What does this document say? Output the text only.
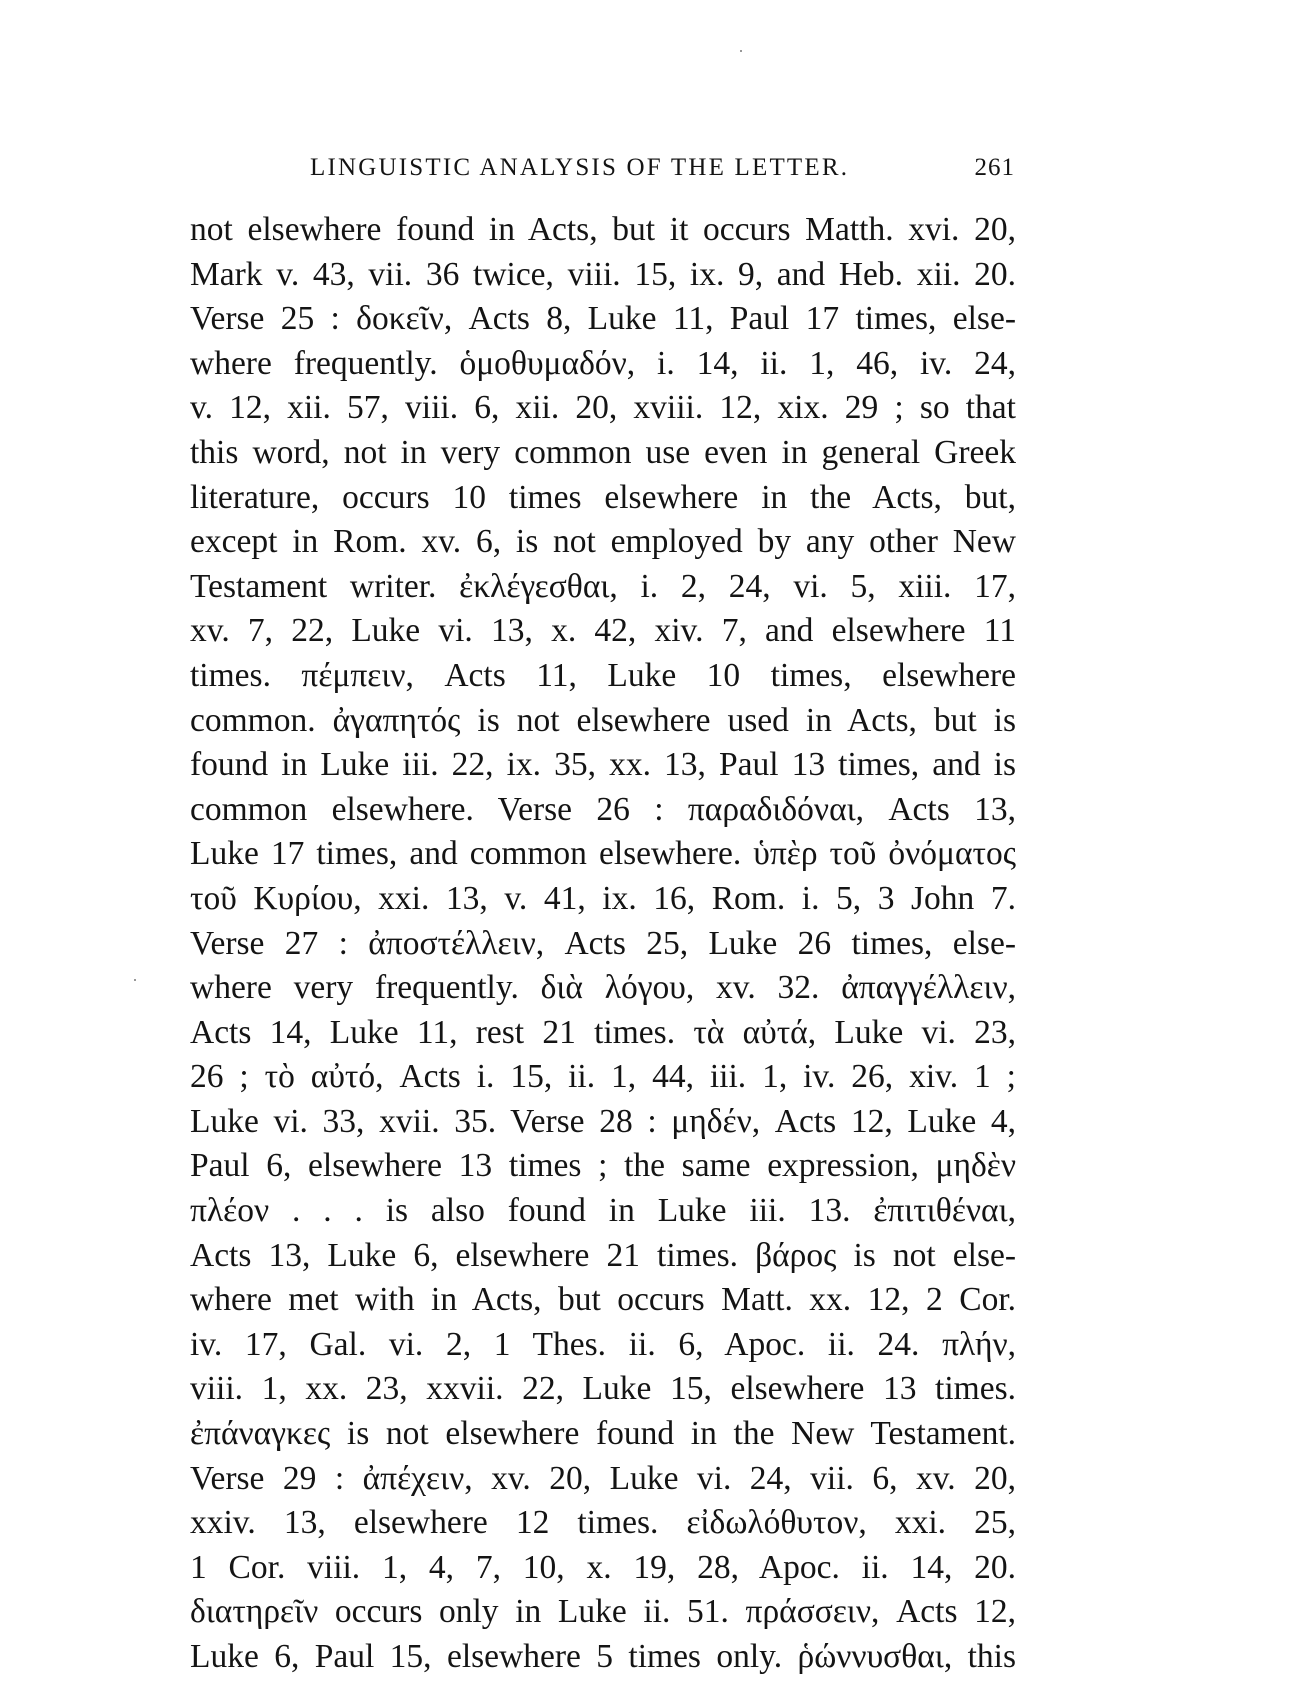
LINGUISTIC ANALYSIS OF THE LETTER.	261
not elsewhere found in Acts, but it occurs Matth. xvi. 20,
Mark v. 43, vii. 36 twice, viii. 15, ix. 9, and Heb. xii. 20.
Verse 25 : δοκεῖν, Acts 8, Luke 11, Paul 17 times, else-
where frequently. ὁμοθυμαδόν, i. 14, ii. 1, 46, iv. 24,
v. 12, xii. 57, viii. 6, xii. 20, xviii. 12, xix. 29 ; so that
this word, not in very common use even in general Greek
literature, occurs 10 times elsewhere in the Acts, but,
except in Rom. xv. 6, is not employed by any other New
Testament writer. ἐκλέγεσθαι, i. 2, 24, vi. 5, xiii. 17,
xv. 7, 22, Luke vi. 13, x. 42, xiv. 7, and elsewhere 11
times. πέμπειν, Acts 11, Luke 10 times, elsewhere
common. ἀγαπητός is not elsewhere used in Acts, but is
found in Luke iii. 22, ix. 35, xx. 13, Paul 13 times, and is
common elsewhere. Verse 26 : παραδιδόναι, Acts 13,
Luke 17 times, and common elsewhere. ὑπὲρ τοῦ ὀνόματος
τοῦ Κυρίου, xxi. 13, v. 41, ix. 16, Rom. i. 5, 3 John 7.
Verse 27 : ἀποστέλλειν, Acts 25, Luke 26 times, else-
where very frequently. διὰ λόγου, xv. 32. ἀπαγγέλλειν,
Acts 14, Luke 11, rest 21 times. τὰ αὐτά, Luke vi. 23,
26 ; τὸ αὐτό, Acts i. 15, ii. 1, 44, iii. 1, iv. 26, xiv. 1 ;
Luke vi. 33, xvii. 35. Verse 28 : μηδέν, Acts 12, Luke 4,
Paul 6, elsewhere 13 times ; the same expression, μηδὲν
πλέον . . . is also found in Luke iii. 13. ἐπιτιθέναι,
Acts 13, Luke 6, elsewhere 21 times. βάρος is not else-
where met with in Acts, but occurs Matt. xx. 12, 2 Cor.
iv. 17, Gal. vi. 2, 1 Thes. ii. 6, Apoc. ii. 24. πλήν,
viii. 1, xx. 23, xxvii. 22, Luke 15, elsewhere 13 times.
ἐπάναγκες is not elsewhere found in the New Testament.
Verse 29 : ἀπέχειν, xv. 20, Luke vi. 24, vii. 6, xv. 20,
xxiv. 13, elsewhere 12 times. εἰδωλόθυτον, xxi. 25,
1 Cor. viii. 1, 4, 7, 10, x. 19, 28, Apoc. ii. 14, 20.
διατηρεῖν occurs only in Luke ii. 51. πράσσειν, Acts 12,
Luke 6, Paul 15, elsewhere 5 times only. ῥώννυσθαι, this
